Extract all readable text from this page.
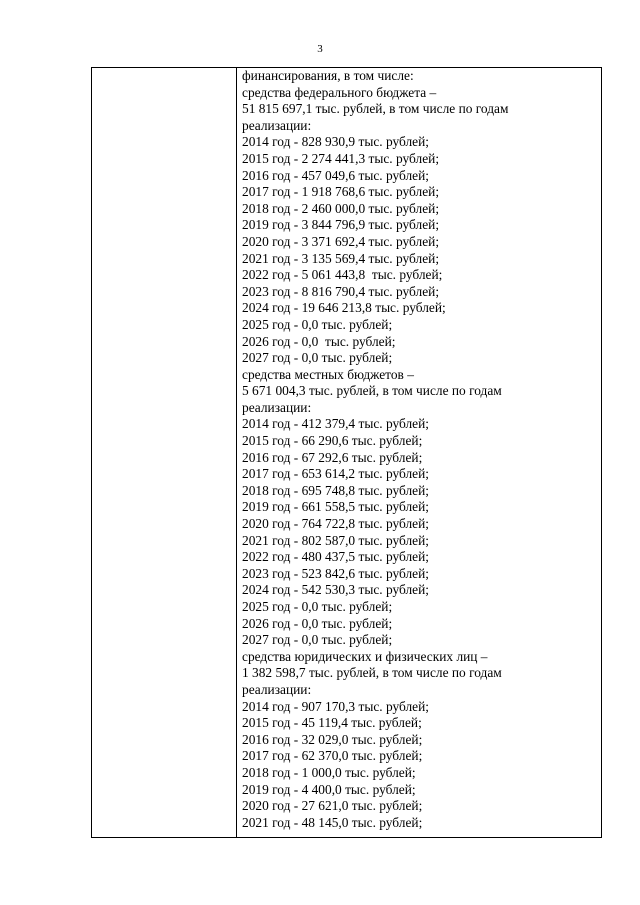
3
финансирования, в том числе:
средства федерального бюджета –
51 815 697,1 тыс. рублей, в том числе по годам
реализации:
2014 год - 828 930,9 тыс. рублей;
2015 год - 2 274 441,3 тыс. рублей;
2016 год - 457 049,6 тыс. рублей;
2017 год - 1 918 768,6 тыс. рублей;
2018 год - 2 460 000,0 тыс. рублей;
2019 год - 3 844 796,9 тыс. рублей;
2020 год - 3 371 692,4 тыс. рублей;
2021 год - 3 135 569,4 тыс. рублей;
2022 год - 5 061 443,8  тыс. рублей;
2023 год - 8 816 790,4 тыс. рублей;
2024 год - 19 646 213,8 тыс. рублей;
2025 год - 0,0 тыс. рублей;
2026 год - 0,0  тыс. рублей;
2027 год - 0,0 тыс. рублей;
средства местных бюджетов –
5 671 004,3 тыс. рублей, в том числе по годам
реализации:
2014 год - 412 379,4 тыс. рублей;
2015 год - 66 290,6 тыс. рублей;
2016 год - 67 292,6 тыс. рублей;
2017 год - 653 614,2 тыс. рублей;
2018 год - 695 748,8 тыс. рублей;
2019 год - 661 558,5 тыс. рублей;
2020 год - 764 722,8 тыс. рублей;
2021 год - 802 587,0 тыс. рублей;
2022 год - 480 437,5 тыс. рублей;
2023 год - 523 842,6 тыс. рублей;
2024 год - 542 530,3 тыс. рублей;
2025 год - 0,0 тыс. рублей;
2026 год - 0,0 тыс. рублей;
2027 год - 0,0 тыс. рублей;
средства юридических и физических лиц –
1 382 598,7 тыс. рублей, в том числе по годам
реализации:
2014 год - 907 170,3 тыс. рублей;
2015 год - 45 119,4 тыс. рублей;
2016 год - 32 029,0 тыс. рублей;
2017 год - 62 370,0 тыс. рублей;
2018 год - 1 000,0 тыс. рублей;
2019 год - 4 400,0 тыс. рублей;
2020 год - 27 621,0 тыс. рублей;
2021 год - 48 145,0 тыс. рублей;
